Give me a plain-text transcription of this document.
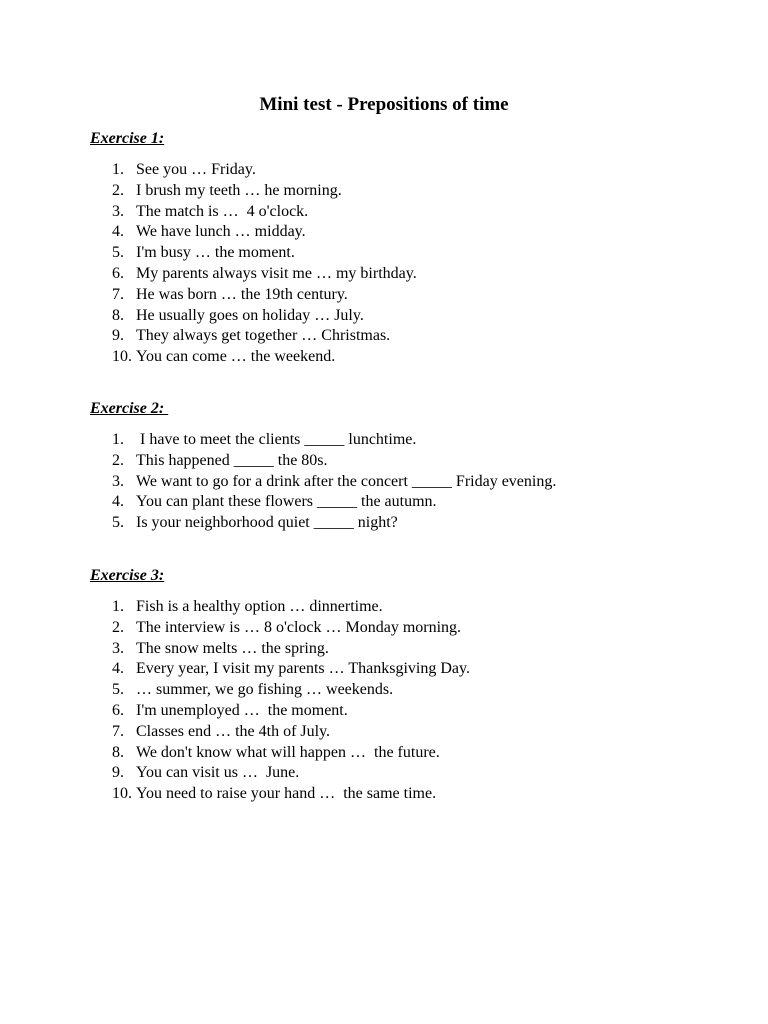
Mini test - Prepositions of time

Exercise 1:

1. See you … Friday.
2. I brush my teeth … he morning.
3. The match is …  4 o'clock.
4. We have lunch … midday.
5. I'm busy … the moment.
6. My parents always visit me … my birthday.
7. He was born … the 19th century.
8. He usually goes on holiday … July.
9. They always get together … Christmas.
10. You can come … the weekend.

Exercise 2:

1. I have to meet the clients _____ lunchtime.
2. This happened _____ the 80s.
3. We want to go for a drink after the concert _____ Friday evening.
4. You can plant these flowers _____ the autumn.
5. Is your neighborhood quiet _____ night?

Exercise 3:

1. Fish is a healthy option … dinnertime.
2. The interview is … 8 o'clock … Monday morning.
3. The snow melts … the spring.
4. Every year, I visit my parents … Thanksgiving Day.
5. … summer, we go fishing … weekends.
6. I'm unemployed …  the moment.
7. Classes end … the 4th of July.
8. We don't know what will happen …  the future.
9. You can visit us …  June.
10. You need to raise your hand …  the same time.
